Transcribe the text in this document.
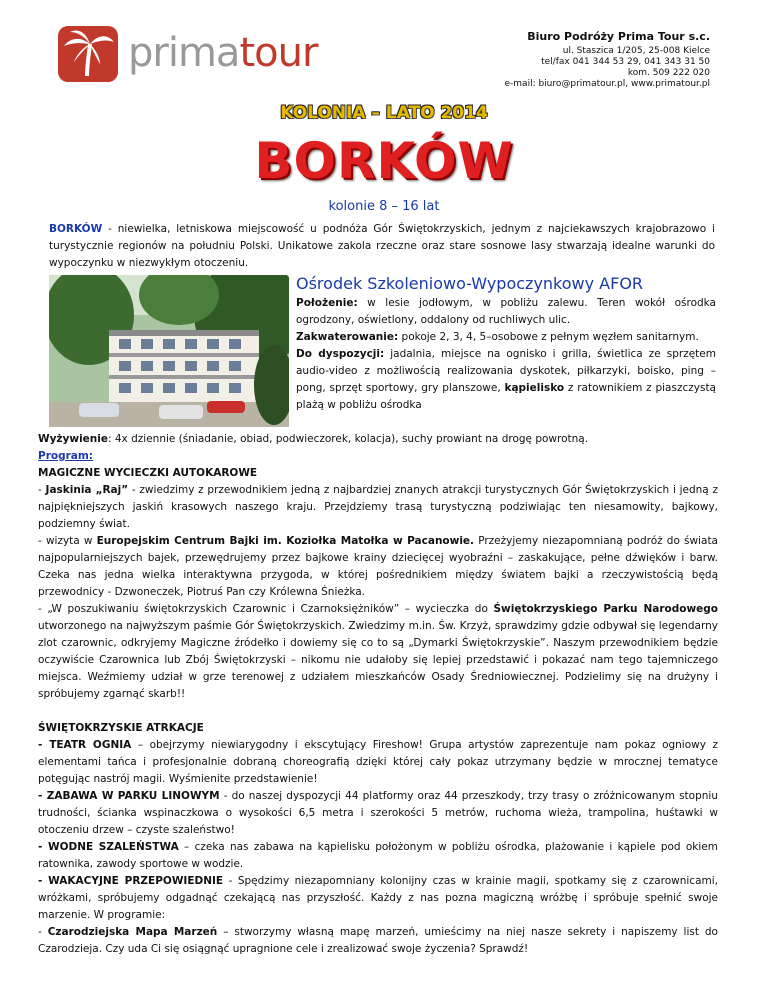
primatour	Biuro Podróży Prima Tour s.c.
ul. Staszica 1/205, 25-008 Kielce
tel/fax 041 344 53 29, 041 343 31 50
kom. 509 222 020
e-mail: biuro@primatour.pl, www.primatour.pl
KOLONIA – LATO 2014
BORKÓW
kolonie 8 – 16 lat

BORKÓW - niewielka, letniskowa miejscowość u podnóża Gór Świętokrzyskich, jednym z najciekawszych krajobrazowo i turystycznie regionów na południu Polski. Unikatowe zakola rzeczne oraz stare sosnowe lasy stwarzają idealne warunki do wypoczynku w niezwykłym otoczeniu.

Ośrodek Szkoleniowo-Wypoczynkowy AFOR

Położenie: w lesie jodłowym, w pobliżu zalewu. Teren wokół ośrodka ogrodzony, oświetlony, oddalony od ruchliwych ulic.

Zakwaterowanie: pokoje 2, 3, 4, 5–osobowe z pełnym węzłem sanitarnym.

Do dyspozycji: jadalnia, miejsce na ognisko i grilla, świetlica ze sprzętem audio-video z możliwością realizowania dyskotek, piłkarzyki, boisko, ping – pong, sprzęt sportowy, gry planszowe, kąpielisko z ratownikiem z piaszczystą plażą w pobliżu ośrodka

Wyżywienie: 4x dziennie (śniadanie, obiad, podwieczorek, kolacja), suchy prowiant na drogę powrotną.

Program:

MAGICZNE WYCIECZKI AUTOKAROWE

- Jaskinia „Raj” - zwiedzimy z przewodnikiem jedną z najbardziej znanych atrakcji turystycznych Gór Świętokrzyskich i jedną z najpiękniejszych jaskiń krasowych naszego kraju. Przejdziemy trasą turystyczną podziwiając ten niesamowity, bajkowy, podziemny świat.

- wizyta w Europejskim Centrum Bajki im. Koziołka Matołka w Pacanowie. Przeżyjemy niezapomnianą podróż do świata najpopularniejszych bajek, przewędrujemy przez bajkowe krainy dziecięcej wyobraźni – zaskakujące, pełne dźwięków i barw. Czeka nas jedna wielka interaktywna przygoda, w której pośrednikiem między światem bajki a rzeczywistością będą przewodnicy - Dzwoneczek, Piotruś Pan czy Królewna Śnieżka.

- „W poszukiwaniu świętokrzyskich Czarownic i Czarnoksiężników” – wycieczka do Świętokrzyskiego Parku Narodowego utworzonego na najwyższym paśmie Gór Świętokrzyskich. Zwiedzimy m.in. Św. Krzyż, sprawdzimy gdzie odbywał się legendarny zlot czarownic, odkryjemy Magiczne źródełko i dowiemy się co to są „Dymarki Świętokrzyskie”. Naszym przewodnikiem będzie oczywiście Czarownica lub Zbój Świętokrzyski – nikomu nie udałoby się lepiej przedstawić i pokazać nam tego tajemniczego miejsca. Weźmiemy udział w grze terenowej z udziałem mieszkańców Osady Średniowiecznej. Podzielimy się na drużyny i spróbujemy zgarnąć skarb!!

ŚWIĘTOKRZYSKIE ATRKACJE

- TEATR OGNIA – obejrzymy niewiarygodny i ekscytujący Fireshow! Grupa artystów zaprezentuje nam pokaz ogniowy z elementami tańca i profesjonalnie dobraną choreografią dzięki której cały pokaz utrzymany będzie w mrocznej tematyce potęgując nastrój magii. Wyśmienite przedstawienie!

- ZABAWA W PARKU LINOWYM - do naszej dyspozycji 44 platformy oraz 44 przeszkody, trzy trasy o zróżnicowanym stopniu trudności, ścianka wspinaczkowa o wysokości 6,5 metra i szerokości 5 metrów, ruchoma wieża, trampolina, huśtawki w otoczeniu drzew – czyste szaleństwo!

- WODNE SZALEŃSTWA – czeka nas zabawa na kąpielisku położonym w pobliżu ośrodka, plażowanie i kąpiele pod okiem ratownika, zawody sportowe w wodzie.

- WAKACYJNE PRZEPOWIEDNIE - Spędzimy niezapomniany kolonijny czas w krainie magii, spotkamy się z czarownicami, wróżkami, spróbujemy odgadnąć czekającą nas przyszłość. Każdy z nas pozna magiczną wróżbę i spróbuje spełnić swoje marzenie. W programie:

- Czarodziejska Mapa Marzeń – stworzymy własną mapę marzeń, umieścimy na niej nasze sekrety i napiszemy list do Czarodzieja. Czy uda Ci się osiągnąć upragnione cele i zrealizować swoje życzenia? Sprawdź!
